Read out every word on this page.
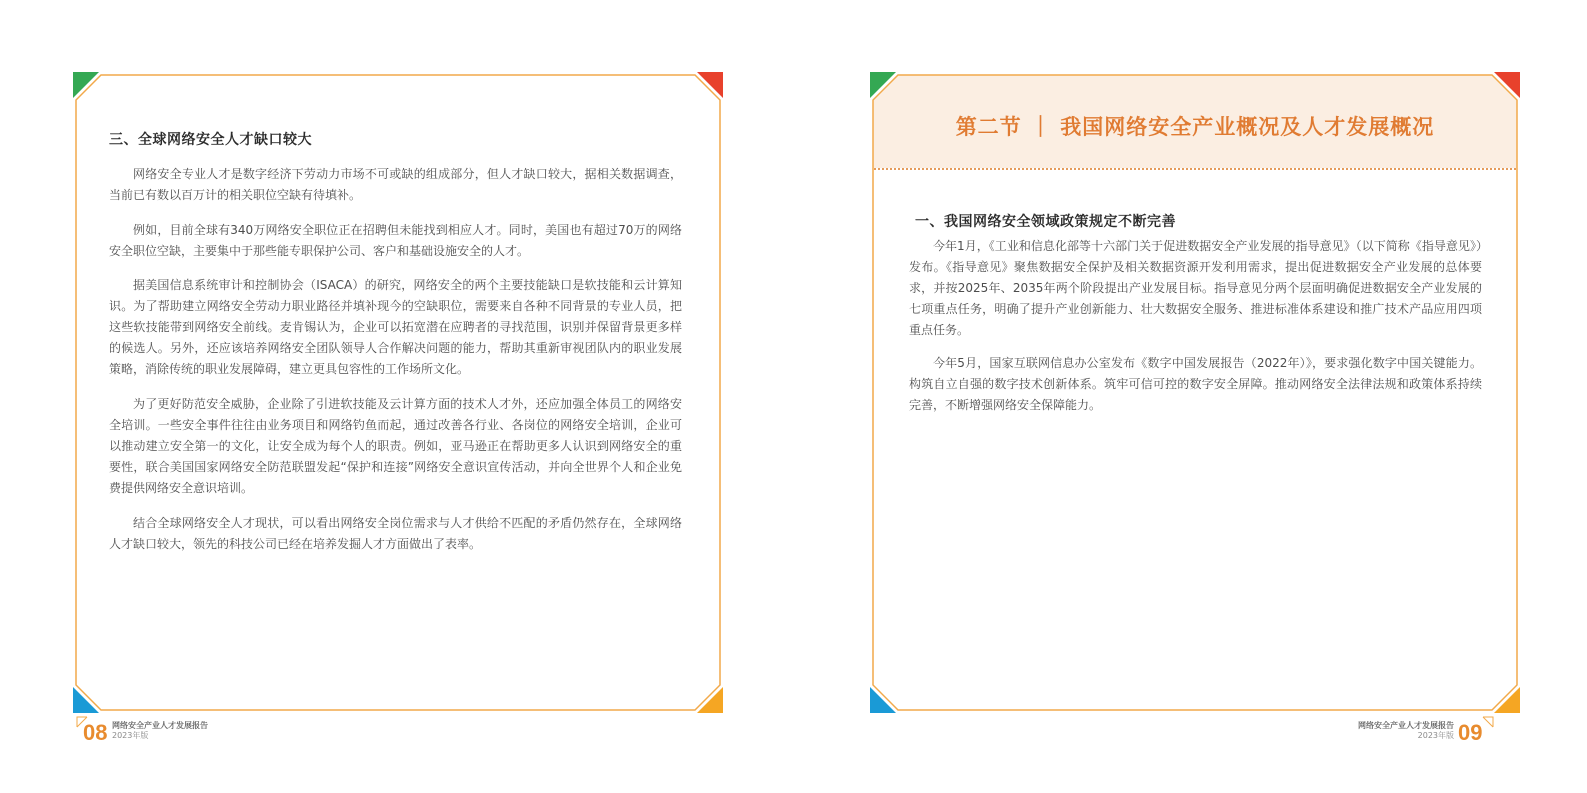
三、全球网络安全人才缺口较大

网络安全专业人才是数字经济下劳动力市场不可或缺的组成部分，但人才缺口较大，据相关数据调查，当前已有数以百万计的相关职位空缺有待填补。

例如，目前全球有340万网络安全职位正在招聘但未能找到相应人才。同时，美国也有超过70万的网络安全职位空缺，主要集中于那些能专职保护公司、客户和基础设施安全的人才。

据美国信息系统审计和控制协会（ISACA）的研究，网络安全的两个主要技能缺口是软技能和云计算知识。为了帮助建立网络安全劳动力职业路径并填补现今的空缺职位，需要来自各种不同背景的专业人员，把这些软技能带到网络安全前线。麦肯锡认为，企业可以拓宽潜在应聘者的寻找范围，识别并保留背景更多样的候选人。另外，还应该培养网络安全团队领导人合作解决问题的能力，帮助其重新审视团队内的职业发展策略，消除传统的职业发展障碍，建立更具包容性的工作场所文化。

为了更好防范安全威胁，企业除了引进软技能及云计算方面的技术人才外，还应加强全体员工的网络安全培训。一些安全事件往往由业务项目和网络钓鱼而起，通过改善各行业、各岗位的网络安全培训，企业可以推动建立安全第一的文化，让安全成为每个人的职责。例如，亚马逊正在帮助更多人认识到网络安全的重要性，联合美国国家网络安全防范联盟发起“保护和连接”网络安全意识宣传活动，并向全世界个人和企业免费提供网络安全意识培训。

结合全球网络安全人才现状，可以看出网络安全岗位需求与人才供给不匹配的矛盾仍然存在，全球网络人才缺口较大，领先的科技公司已经在培养发掘人才方面做出了表率。

第二节 ｜ 我国网络安全产业概况及人才发展概况
一、我国网络安全领域政策规定不断完善

今年1月，《工业和信息化部等十六部门关于促进数据安全产业发展的指导意见》（以下简称《指导意见》）发布。《指导意见》聚焦数据安全保护及相关数据资源开发利用需求，提出促进数据安全产业发展的总体要求，并按2025年、2035年两个阶段提出产业发展目标。指导意见分两个层面明确促进数据安全产业发展的七项重点任务，明确了提升产业创新能力、壮大数据安全服务、推进标准体系建设和推广技术产品应用四项重点任务。

今年5月，国家互联网信息办公室发布《数字中国发展报告（2022年）》，要求强化数字中国关键能力。构筑自立自强的数字技术创新体系。筑牢可信可控的数字安全屏障。推动网络安全法律法规和政策体系持续完善，不断增强网络安全保障能力。

08 网络安全产业人才发展报告
2023年版
网络安全产业人才发展报告
2023年版 09
